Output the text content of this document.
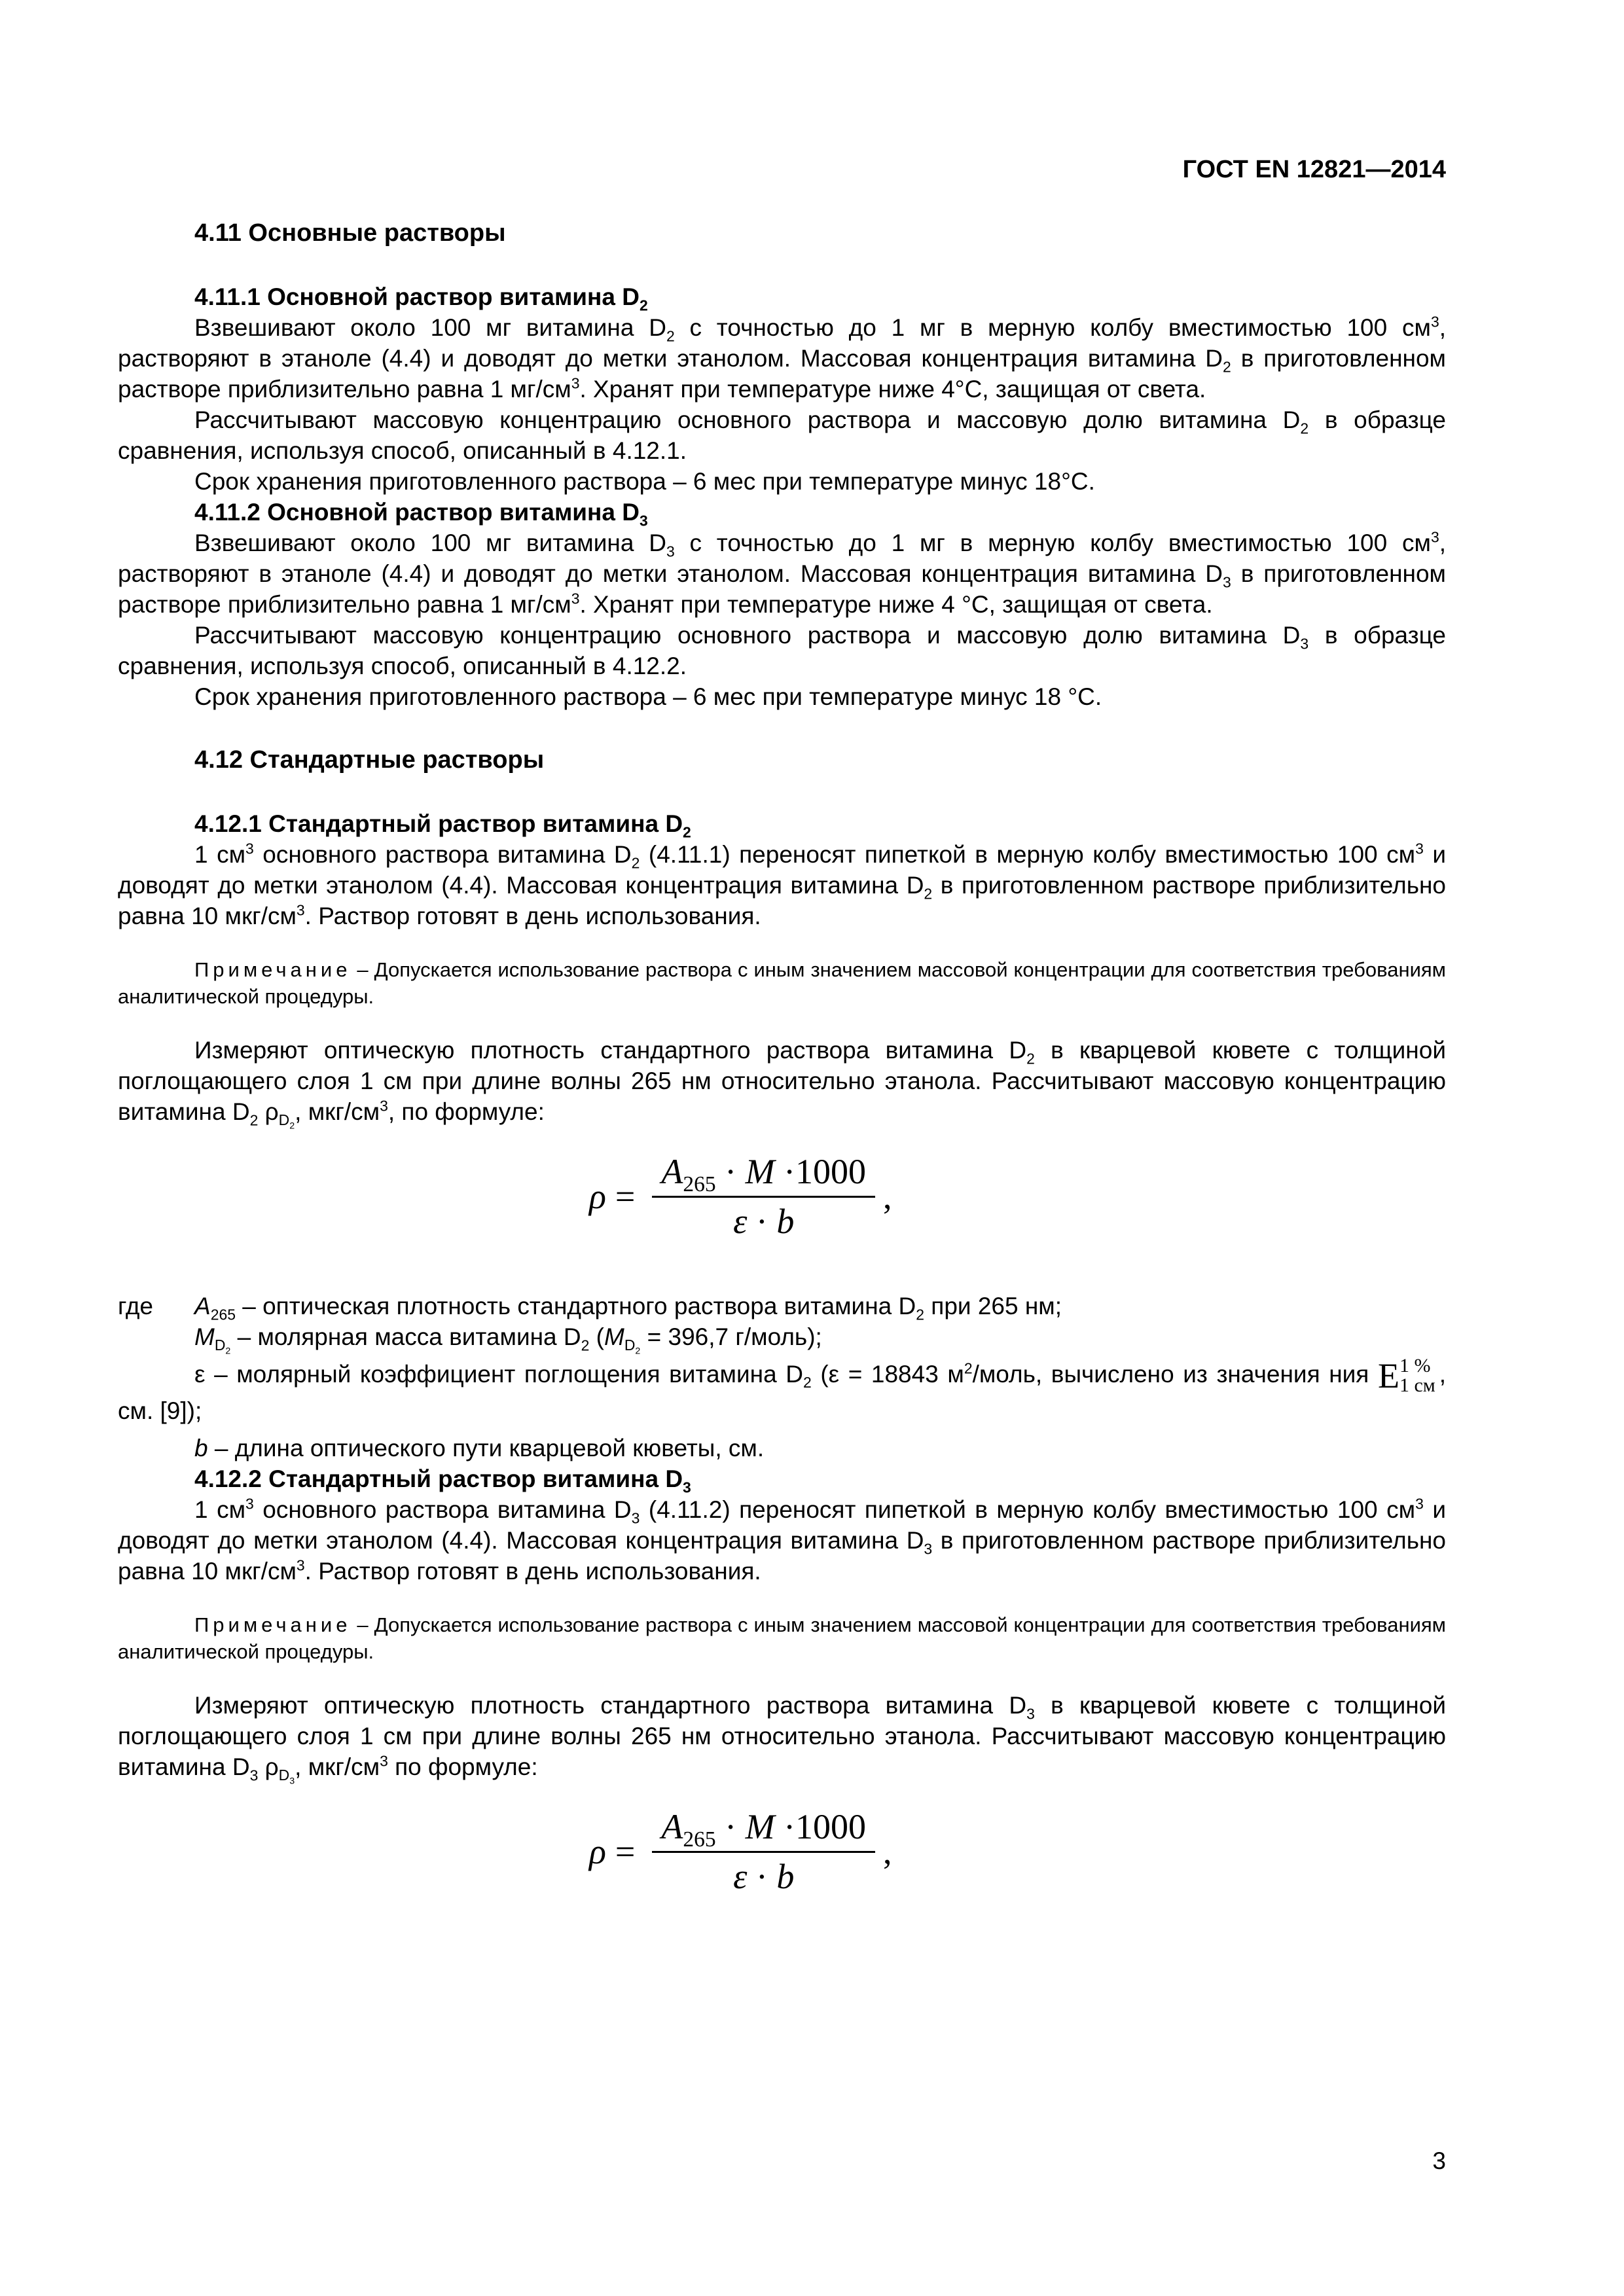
ГОСТ EN 12821—2014
4.11 Основные растворы
4.11.1 Основной раствор витамина $D_2$

Взвешивают около 100 мг витамина $D_2$ с точностью до 1 мг в мерную колбу вместимостью 100 $см^3$, растворяют в этаноле (4.4) и доводят до метки этанолом. Массовая концентрация витамина $D_2$ в приготовленном растворе приблизительно равна 1 $мг/см^3$. Хранят при температуре ниже 4°С, защищая от света.

Рассчитывают массовую концентрацию основного раствора и массовую долю витамина $D_2$ в образце сравнения, используя способ, описанный в 4.12.1.

Срок хранения приготовленного раствора – 6 мес при температуре минус 18°С.

4.11.2 Основной раствор витамина $D_3$

Взвешивают около 100 мг витамина $D_3$ с точностью до 1 мг в мерную колбу вместимостью 100 $см^3$, растворяют в этаноле (4.4) и доводят до метки этанолом. Массовая концентрация витамина $D_3$ в приготовленном растворе приблизительно равна 1 $мг/см^3$. Хранят при температуре ниже 4 °С, защищая от света.

Рассчитывают массовую концентрацию основного раствора и массовую долю витамина $D_3$ в образце сравнения, используя способ, описанный в 4.12.2.

Срок хранения приготовленного раствора – 6 мес при температуре минус 18 °С.

4.12 Стандартные растворы
4.12.1 Стандартный раствор витамина $D_2$

1 $см^3$ основного раствора витамина $D_2$ (4.11.1) переносят пипеткой в мерную колбу вместимостью 100 $см^3$ и доводят до метки этанолом (4.4). Массовая концентрация витамина $D_2$ в приготовленном растворе приблизительно равна 10 мкг/$см^3$. Раствор готовят в день использования.

Примечание – Допускается использование раствора с иным значением массовой концентрации для соответствия требованиям аналитической процедуры.

Измеряют оптическую плотность стандартного раствора витамина $D_2$ в кварцевой кювете с толщиной поглощающего слоя 1 см при длине волны 265 нм относительно этанола. Рассчитывают массовую концентрацию витамина $D_2$ $\rho_{D_2}$, мкг/$см^3$, по формуле:

$\rho = \frac{A_{265} \cdot M \cdot 1000}{\varepsilon \cdot b}$ ,
где $A_{265}$ – оптическая плотность стандартного раствора витамина $D_2$ при 265 нм;

$M_{D_2}$ – молярная масса витамина $D_2$ ($M_{D_2} = 396,7$ г/моль);

ε – молярный коэффициент поглощения витамина $D_2$ (ε = 18843 $м^2$/моль, вычислено из значения ния E 1 %
1 см , см. [9]);

b – длина оптического пути кварцевой кюветы, см.

4.12.2 Стандартный раствор витамина $D_3$

1 $см^3$ основного раствора витамина $D_3$ (4.11.2) переносят пипеткой в мерную колбу вместимостью 100 $см^3$ и доводят до метки этанолом (4.4). Массовая концентрация витамина $D_3$ в приготовленном растворе приблизительно равна 10 мкг/$см^3$. Раствор готовят в день использования.

Примечание – Допускается использование раствора с иным значением массовой концентрации для соответствия требованиям аналитической процедуры.

Измеряют оптическую плотность стандартного раствора витамина $D_3$ в кварцевой кювете с толщиной поглощающего слоя 1 см при длине волны 265 нм относительно этанола. Рассчитывают массовую концентрацию витамина $D_3$ $\rho_{D_3}$, мкг/$см^3$ по формуле:

$\rho = \frac{A_{265} \cdot M \cdot 1000}{\varepsilon \cdot b}$ ,
3
